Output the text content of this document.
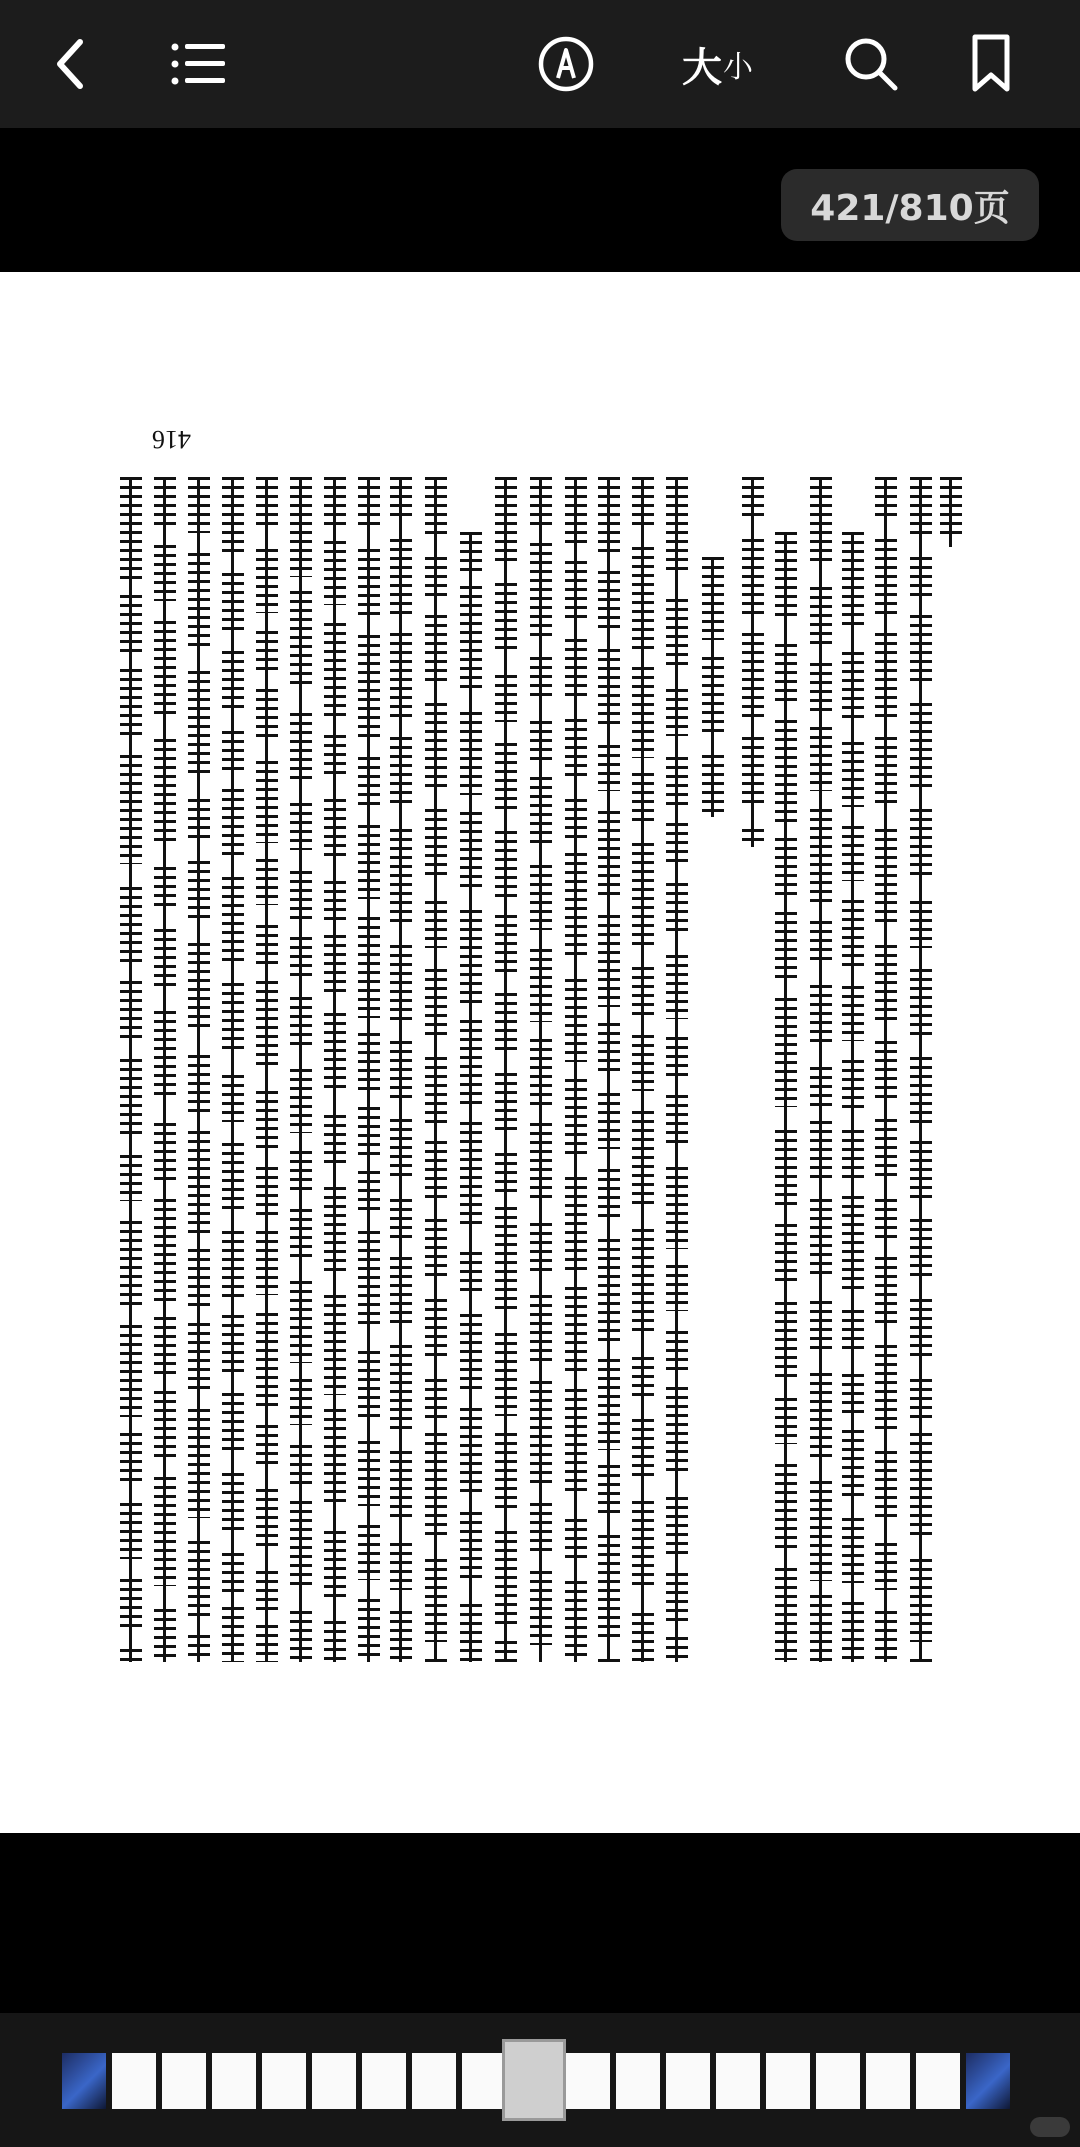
大 小
421/810页
416
